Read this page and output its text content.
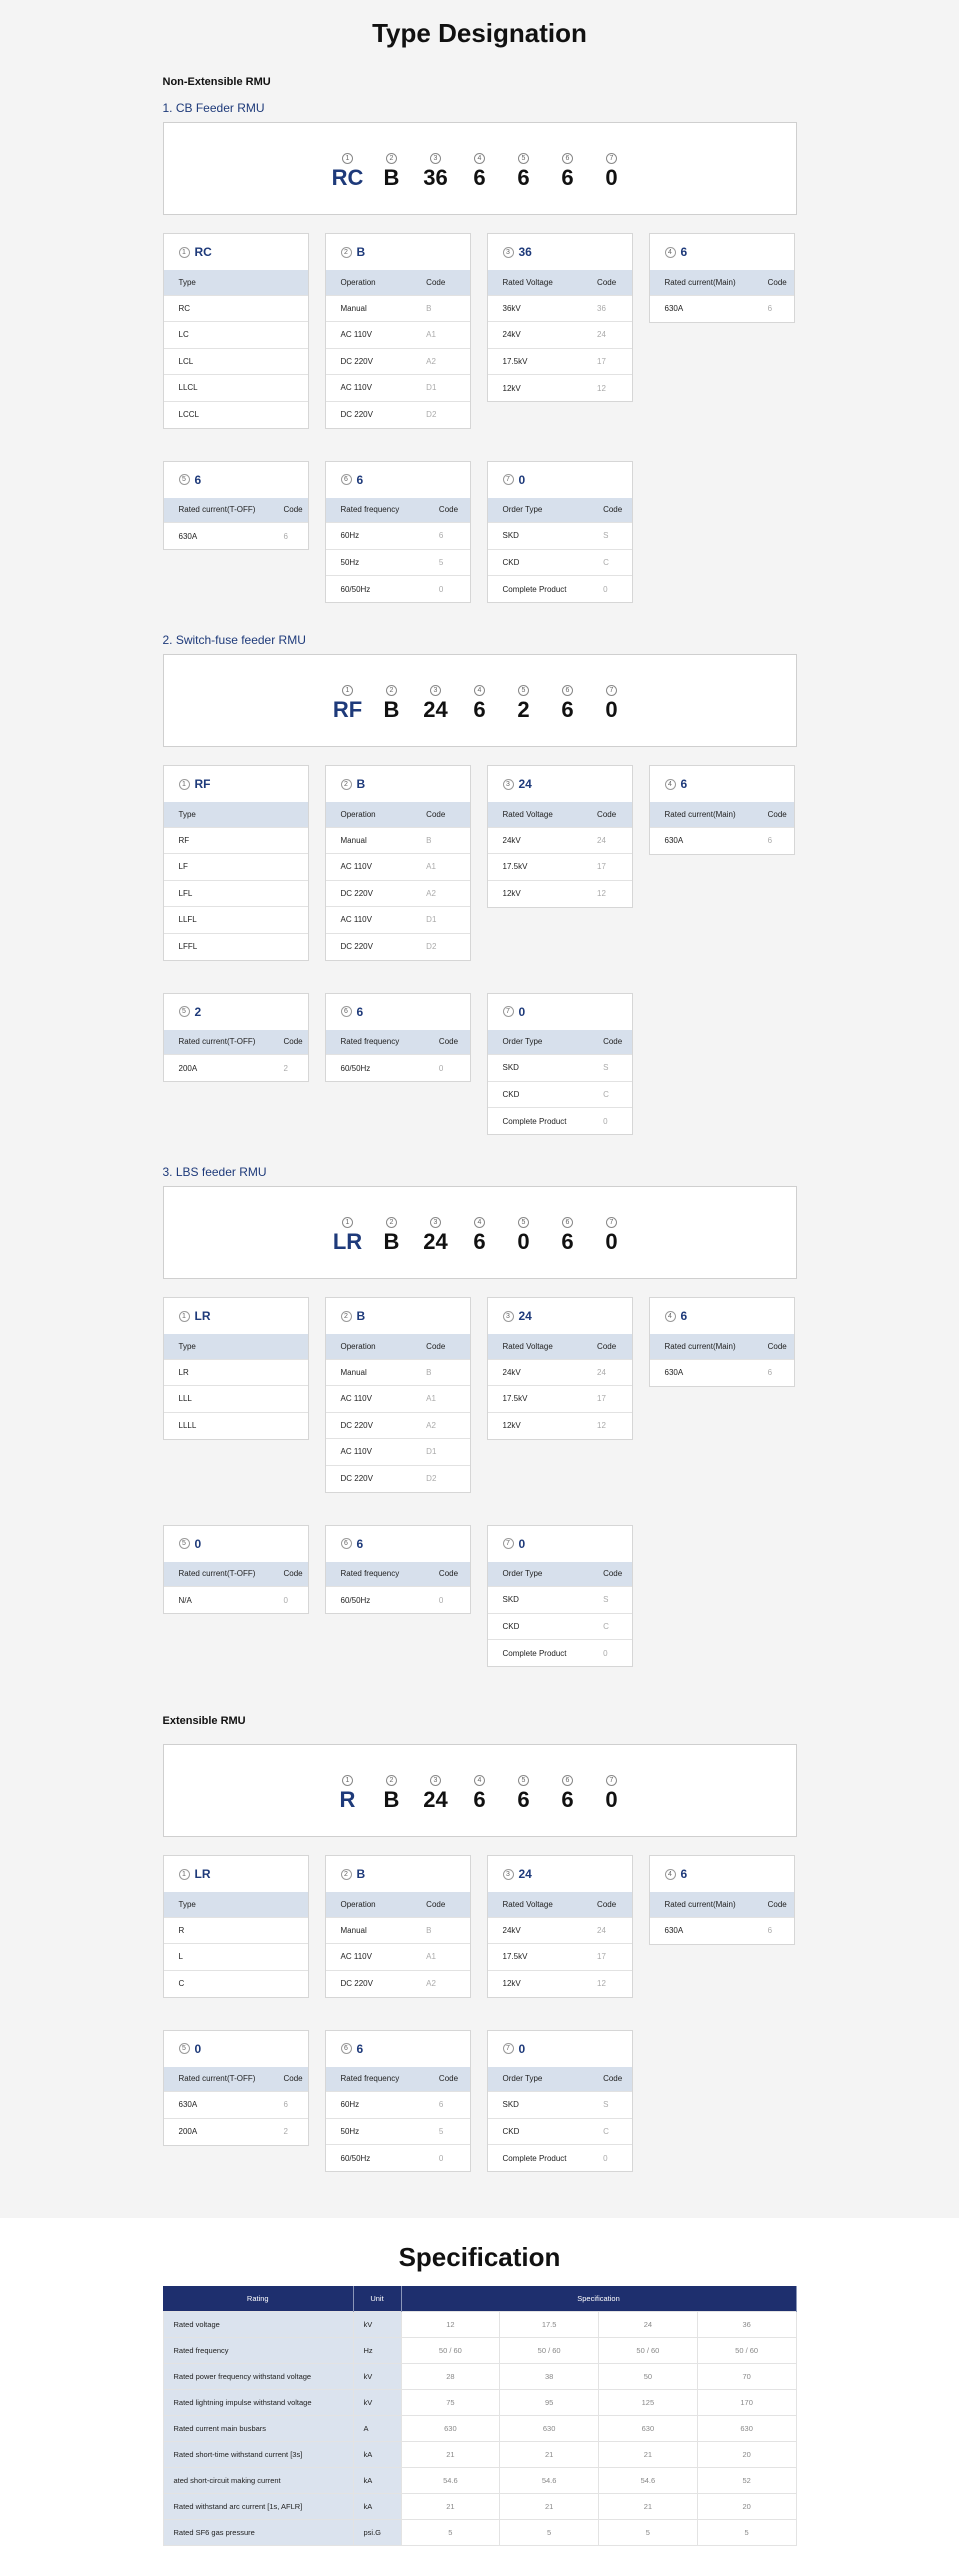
Type Designation
Non-Extensible RMU
1. CB Feeder RMU
1
RC
2
B
3
36
4
6
5
6
6
6
7
0
1 RC
Type
RC
LC
LCL
LLCL
LCCL
2 B
Operation	Code
Manual	B
AC 110V	A1
DC 220V	A2
AC 110V	D1
DC 220V	D2
3 36
Rated Voltage	Code
36kV	36
24kV	24
17.5kV	17
12kV	12
4 6
Rated current(Main)	Code
630A	6
5 6
Rated current(T-OFF)	Code
630A	6
6 6
Rated frequency	Code
60Hz	6
50Hz	5
60/50Hz	0
7 0
Order Type	Code
SKD	S
CKD	C
Complete Product	0
2. Switch-fuse feeder RMU
1
RF
2
B
3
24
4
6
5
2
6
6
7
0
1 RF
Type
RF
LF
LFL
LLFL
LFFL
2 B
Operation	Code
Manual	B
AC 110V	A1
DC 220V	A2
AC 110V	D1
DC 220V	D2
3 24
Rated Voltage	Code
24kV	24
17.5kV	17
12kV	12
4 6
Rated current(Main)	Code
630A	6
5 2
Rated current(T-OFF)	Code
200A	2
6 6
Rated frequency	Code
60/50Hz	0
7 0
Order Type	Code
SKD	S
CKD	C
Complete Product	0
3. LBS feeder RMU
1
LR
2
B
3
24
4
6
5
0
6
6
7
0
1 LR
Type
LR
LLL
LLLL
2 B
Operation	Code
Manual	B
AC 110V	A1
DC 220V	A2
AC 110V	D1
DC 220V	D2
3 24
Rated Voltage	Code
24kV	24
17.5kV	17
12kV	12
4 6
Rated current(Main)	Code
630A	6
5 0
Rated current(T-OFF)	Code
N/A	0
6 6
Rated frequency	Code
60/50Hz	0
7 0
Order Type	Code
SKD	S
CKD	C
Complete Product	0
Extensible RMU
1
R
2
B
3
24
4
6
5
6
6
6
7
0
1 LR
Type
R
L
C
2 B
Operation	Code
Manual	B
AC 110V	A1
DC 220V	A2
3 24
Rated Voltage	Code
24kV	24
17.5kV	17
12kV	12
4 6
Rated current(Main)	Code
630A	6
5 0
Rated current(T-OFF)	Code
630A	6
200A	2
6 6
Rated frequency	Code
60Hz	6
50Hz	5
60/50Hz	0
7 0
Order Type	Code
SKD	S
CKD	C
Complete Product	0
Specification
Rating	Unit	Specification			
Rated voltage	kV	12	17.5	24	36
Rated frequency	Hz	50 / 60	50 / 60	50 / 60	50 / 60
Rated power frequency withstand voltage	kV	28	38	50	70
Rated lightning impulse withstand voltage	kV	75	95	125	170
Rated current main busbars	A	630	630	630	630
Rated short-time withstand current [3s]	kA	21	21	21	20
ated short-circuit making current	kA	54.6	54.6	54.6	52
Rated withstand arc current [1s, AFLR]	kA	21	21	21	20
Rated SF6 gas pressure	psi.G	5	5	5	5
